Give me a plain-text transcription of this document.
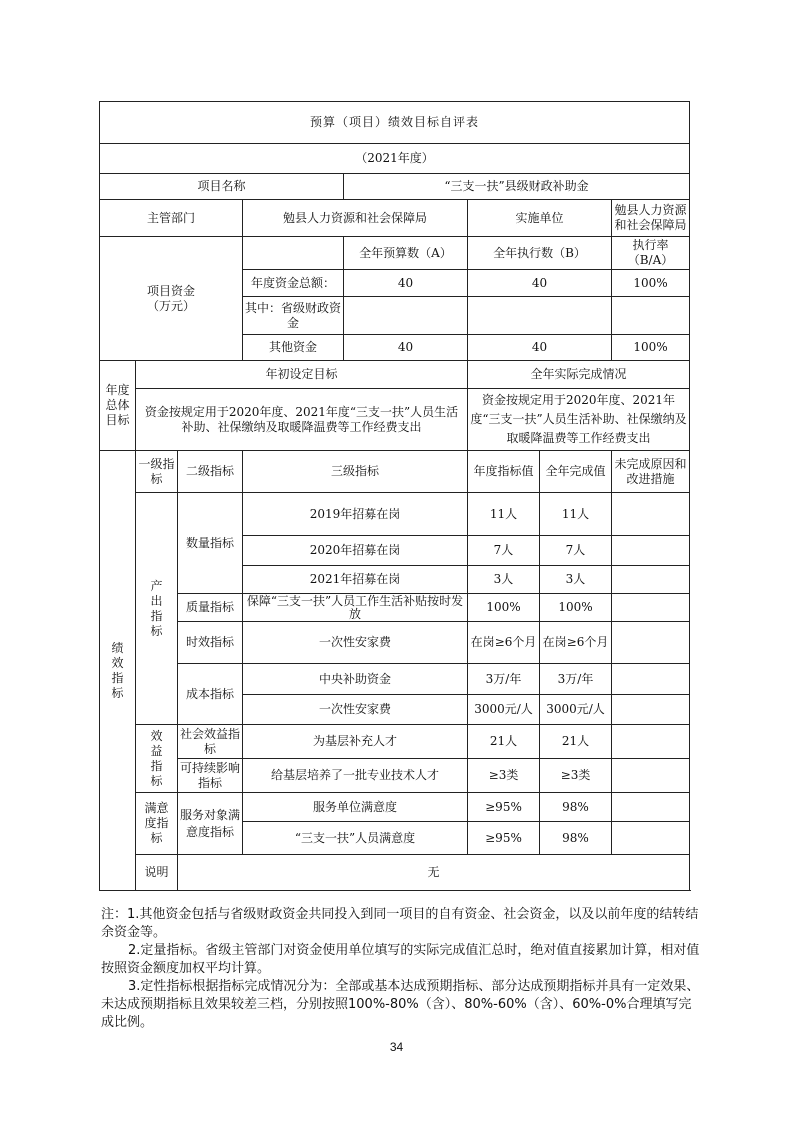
预算（项目）绩效目标自评表							
（2021年度）							
项目名称				“三支一扶”县级财政补助金			
主管部门			勉县人力资源和社会保障局		实施单位		勉县人力资源和社会保障局
项目资金（万元）				全年预算数（A）	全年执行数（B）		执行率（B/A）
			年度资金总额：	40	40		100%
			其中：省级财政资金				
			其他资金	40	40		100%
年度总体目标	年初设定目标				全年实际完成情况		
	资金按规定用于2020年度、2021年度“三支一扶”人员生活补助、社保缴纳及取暖降温费等工作经费支出				资金按规定用于2020年度、2021年度“三支一扶”人员生活补助、社保缴纳及取暖降温费等工作经费支出		
绩效指标	一级指标	二级指标	三级指标		年度指标值	全年完成值	未完成原因和改进措施
	产出指标	数量指标	2019年招募在岗		11人	11人	
			2020年招募在岗		7人	7人	
			2021年招募在岗		3人	3人	
		质量指标	保障“三支一扶”人员工作生活补贴按时发放		100%	100%	
		时效指标	一次性安家费		在岗≥6个月	在岗≥6个月	
		成本指标	中央补助资金		3万/年	3万/年	
			一次性安家费		3000元/人	3000元/人	
	效益指标	社会效益指标	为基层补充人才		21人	21人	
		可持续影响指标	给基层培养了一批专业技术人才		≥3类	≥3类	
	满意度指标	服务对象满意度指标	服务单位满意度		≥95%	98%	
			“三支一扶”人员满意度		≥95%	98%	
	说明	无					

注：1.其他资金包括与省级财政资金共同投入到同一项目的自有资金、社会资金，以及以前年度的结转结余资金等。

2.定量指标。省级主管部门对资金使用单位填写的实际完成值汇总时，绝对值直接累加计算，相对值按照资金额度加权平均计算。

3.定性指标根据指标完成情况分为：全部或基本达成预期指标、部分达成预期指标并具有一定效果、未达成预期指标且效果较差三档，分别按照100%-80%（含）、80%-60%（含）、60%-0%合理填写完成比例。

34
